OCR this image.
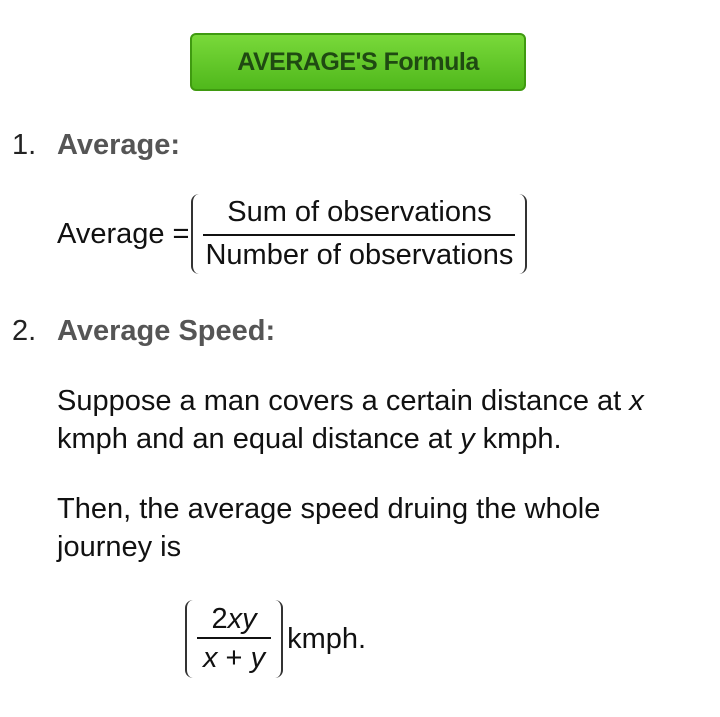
AVERAGE'S Formula
1. Average:
Average = $\frac{\text{Sum of observations}}{\text{Number of observations}}$
2. Average Speed:
Suppose a man covers a certain distance at x
kmph and an equal distance at y kmph.
Then, the average speed druing the whole
journey is
$\frac{2xy}{x + y}$ kmph.
